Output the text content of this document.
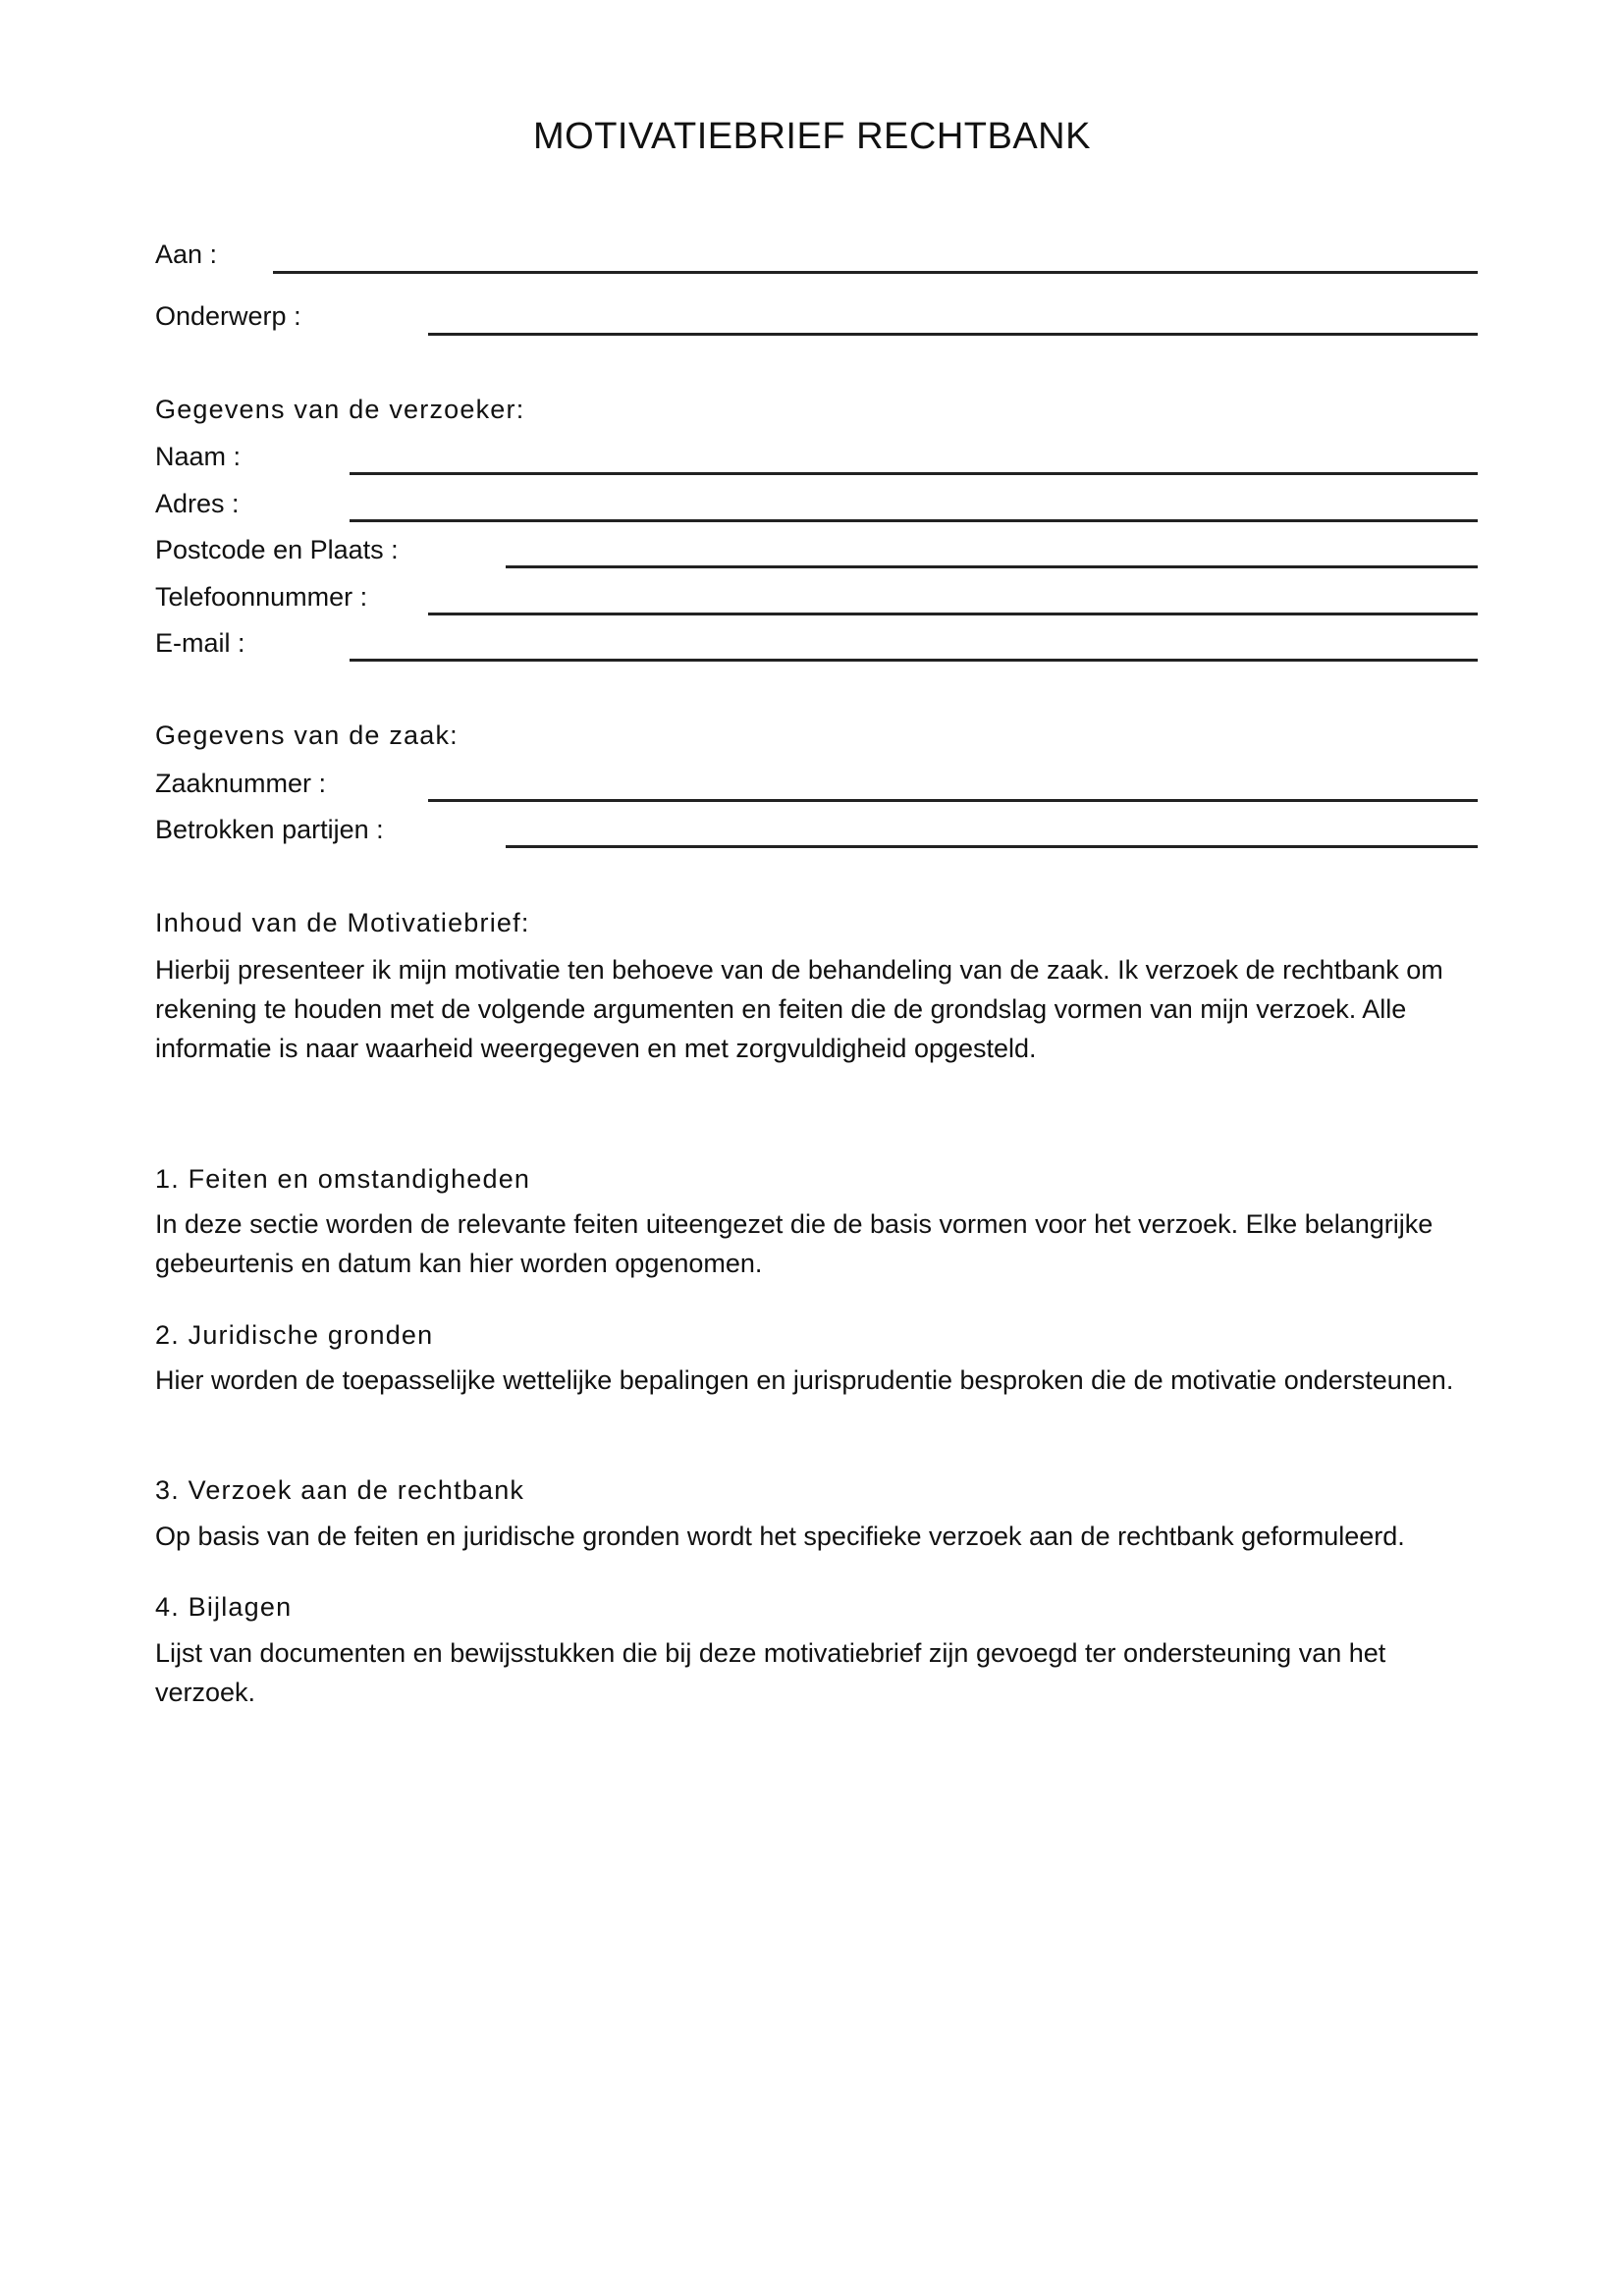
MOTIVATIEBRIEF RECHTBANK
Aan :
Onderwerp :
Gegevens van de verzoeker:
Naam :
Adres :
Postcode en Plaats :
Telefoonnummer :
E-mail :
Gegevens van de zaak:
Zaaknummer :
Betrokken partijen :
Inhoud van de Motivatiebrief:
Hierbij presenteer ik mijn motivatie ten behoeve van de behandeling van de zaak. Ik verzoek de rechtbank om rekening te houden met de volgende argumenten en feiten die de grondslag vormen van mijn verzoek. Alle informatie is naar waarheid weergegeven en met zorgvuldigheid opgesteld.
1. Feiten en omstandigheden
In deze sectie worden de relevante feiten uiteengezet die de basis vormen voor het verzoek. Elke belangrijke gebeurtenis en datum kan hier worden opgenomen.
2. Juridische gronden
Hier worden de toepasselijke wettelijke bepalingen en jurisprudentie besproken die de motivatie ondersteunen.
3. Verzoek aan de rechtbank
Op basis van de feiten en juridische gronden wordt het specifieke verzoek aan de rechtbank geformuleerd.
4. Bijlagen
Lijst van documenten en bewijsstukken die bij deze motivatiebrief zijn gevoegd ter ondersteuning van het verzoek.
